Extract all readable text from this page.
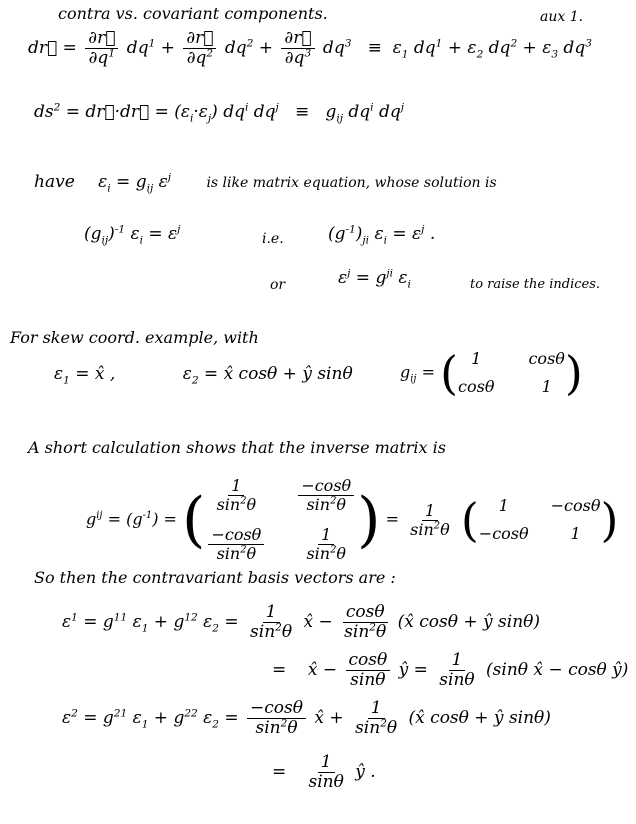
contra vs. covariant components.	aux 1.
dr⃗ = $\frac{\partial r⃗}{\partial q^1} dq^1 + \frac{\partial r⃗}{\partial q^2} dq^2 + \frac{\partial r⃗}{\partial q^3} dq^3 \equiv \varepsilon_1$ $dq^1 + \varepsilon_2$ $dq^2 + \varepsilon_3$ $dq^3$
$ds^2$ = dr⃗·dr⃗ = $(\varepsilon_i\cdot\varepsilon_j)$ $dq^i$ $dq^j \equiv g_{ij}$ $dq^i$ $dq^j$
have $\varepsilon_i = g_{ij}$ $\varepsilon^j$	is like matrix equation, whose solution is
$(g_{ij})^{-1}$ $\varepsilon_i = \varepsilon^j$
i.e.	$(g^{-1})_{ji}$ $\varepsilon_i = \varepsilon^j$ .
or	$\varepsilon^j = g^{ji}$ $\varepsilon_i$	to raise the indices.
For skew coord. example, with
$\varepsilon_1$ = x̂ ,	$\varepsilon_2$ = x̂ cosθ + ŷ sinθ	$g_{ij}$ = ( 1	cosθ
cosθ	1 )
A short calculation shows that the inverse matrix is
$g^{ij} = (g^{-1})$ = ( $\frac{1}{\sin^2\theta} \frac{-\cos\theta}{\sin^2\theta}$
$\frac{-\cos\theta}{\sin^2\theta} \frac{1}{\sin^2\theta}$ ) = $\frac{1}{\sin^2\theta}$ (	1	−cosθ
−cosθ	1 )
So then the contravariant basis vectors are :
$\varepsilon^1 = g^{11}$ $\varepsilon_1 + g^{12}$ $\varepsilon_2 = \frac{1}{\sin^2\theta}$ x̂ − $\frac{\cos\theta}{\sin^2\theta}$ (x̂ cosθ + ŷ sinθ)
=    x̂ − $\frac{\cos\theta}{\sin\theta}$ ŷ = $\frac{1}{\sin\theta} (\sin\theta$ x̂ − cosθ ŷ)
$\varepsilon^2 = g^{21}$ $\varepsilon_1 + g^{22}$ $\varepsilon_2 = \frac{-\cos\theta}{\sin^2\theta}$ x̂ + $\frac{1}{\sin^2\theta}$ (x̂ cosθ + ŷ sinθ)
= $\frac{1}{\sin\theta}$ ŷ .
